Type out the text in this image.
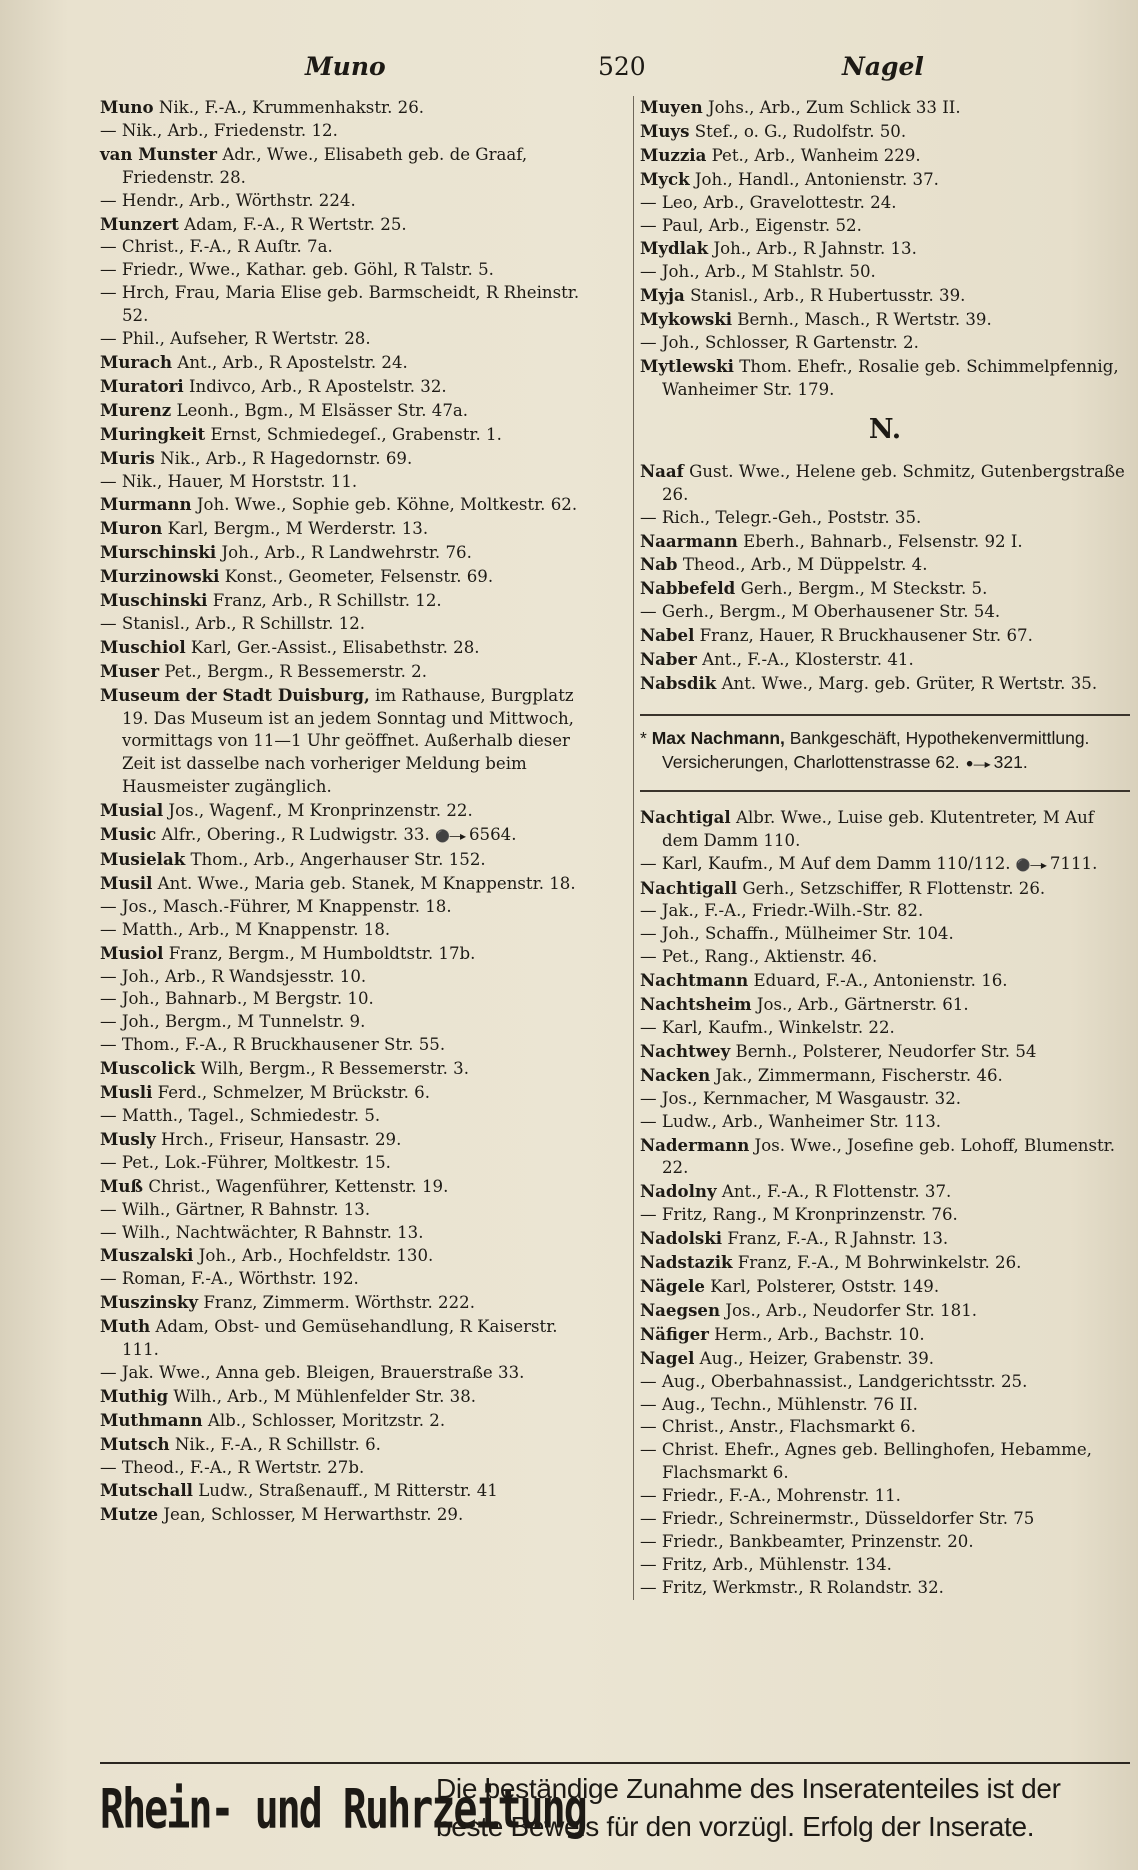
Muno	520	Nagel

Muno Nik., F.-A., Krummenhakstr. 26.

— Nik., Arb., Friedenstr. 12.

van Munster Adr., Wwe., Elisabeth geb. de Graaf, Friedenstr. 28.

— Hendr., Arb., Wörthstr. 224.

Munzert Adam, F.-A., R Wertstr. 25.

— Christ., F.-A., R Auſtr. 7a.

— Friedr., Wwe., Kathar. geb. Göhl, R Talstr. 5.

— Hrch, Frau, Maria Elise geb. Barmscheidt, R Rheinstr. 52.

— Phil., Aufseher, R Wertstr. 28.

Murach Ant., Arb., R Apostelstr. 24.

Muratori Indivco, Arb., R Apostelstr. 32.

Murenz Leonh., Bgm., M Elsässer Str. 47a.

Muringkeit Ernst, Schmiedegeſ., Grabenstr. 1.

Muris Nik., Arb., R Hagedornstr. 69.

— Nik., Hauer, M Horststr. 11.

Murmann Joh. Wwe., Sophie geb. Köhne, Moltkestr. 62.

Muron Karl, Bergm., M Werderstr. 13.

Murschinski Joh., Arb., R Landwehrstr. 76.

Murzinowski Konst., Geometer, Felsenstr. 69.

Muschinski Franz, Arb., R Schillstr. 12.

— Stanisl., Arb., R Schillstr. 12.

Muschiol Karl, Ger.-Assist., Elisabethstr. 28.

Muser Pet., Bergm., R Bessemerstr. 2.

Museum der Stadt Duisburg, im Rathause, Burgplatz 19. Das Museum ist an jedem Sonntag und Mittwoch, vormittags von 11—1 Uhr geöffnet. Außerhalb dieser Zeit ist dasselbe nach vorheriger Meldung beim Hausmeister zugänglich.

Musial Jos., Wagenf., M Kronprinzenstr. 22.

Music Alfr., Obering., R Ludwigstr. 33. ⚫—▸ 6564.

Musielak Thom., Arb., Angerhauser Str. 152.

Musil Ant. Wwe., Maria geb. Stanek, M Knappenstr. 18.

— Jos., Masch.-Führer, M Knappenstr. 18.

— Matth., Arb., M Knappenstr. 18.

Musiol Franz, Bergm., M Humboldtstr. 17b.

— Joh., Arb., R Wandsjesstr. 10.

— Joh., Bahnarb., M Bergstr. 10.

— Joh., Bergm., M Tunnelstr. 9.

— Thom., F.-A., R Bruckhausener Str. 55.

Muscolick Wilh, Bergm., R Bessemerstr. 3.

Musli Ferd., Schmelzer, M Brückstr. 6.

— Matth., Tagel., Schmiedestr. 5.

Musly Hrch., Friseur, Hansastr. 29.

— Pet., Lok.-Führer, Moltkestr. 15.

Muß Christ., Wagenführer, Kettenstr. 19.

— Wilh., Gärtner, R Bahnstr. 13.

— Wilh., Nachtwächter, R Bahnstr. 13.

Muszalski Joh., Arb., Hochfeldstr. 130.

— Roman, F.-A., Wörthstr. 192.

Muszinsky Franz, Zimmerm. Wörthstr. 222.

Muth Adam, Obst- und Gemüsehandlung, R Kaiserstr. 111.

— Jak. Wwe., Anna geb. Bleigen, Brauerstraße 33.

Muthig Wilh., Arb., M Mühlenfelder Str. 38.

Muthmann Alb., Schlosser, Moritzstr. 2.

Mutsch Nik., F.-A., R Schillstr. 6.

— Theod., F.-A., R Wertstr. 27b.

Mutschall Ludw., Straßenauff., M Ritterstr. 41

Mutze Jean, Schlosser, M Herwarthstr. 29.

Muyen Johs., Arb., Zum Schlick 33 II.

Muys Stef., o. G., Rudolfstr. 50.

Muzzia Pet., Arb., Wanheim 229.

Myck Joh., Handl., Antonienstr. 37.

— Leo, Arb., Gravelottestr. 24.

— Paul, Arb., Eigenstr. 52.

Mydlak Joh., Arb., R Jahnstr. 13.

— Joh., Arb., M Stahlstr. 50.

Myja Stanisl., Arb., R Hubertusstr. 39.

Mykowski Bernh., Masch., R Wertstr. 39.

— Joh., Schlosser, R Gartenstr. 2.

Mytlewski Thom. Ehefr., Rosalie geb. Schimmelpfennig, Wanheimer Str. 179.

N.

Naaf Gust. Wwe., Helene geb. Schmitz, Gutenbergstraße 26.

— Rich., Telegr.-Geh., Poststr. 35.

Naarmann Eberh., Bahnarb., Felsenstr. 92 I.

Nab Theod., Arb., M Düppelstr. 4.

Nabbefeld Gerh., Bergm., M Steckstr. 5.

— Gerh., Bergm., M Oberhausener Str. 54.

Nabel Franz, Hauer, R Bruckhausener Str. 67.

Naber Ant., F.-A., Klosterstr. 41.

Nabsdik Ant. Wwe., Marg. geb. Grüter, R Wertstr. 35.

* Max Nachmann, Bankgeschäft, Hypothekenvermittlung. Versicherungen, Charlottenstrasse 62. ⚫—▸ 321.

Nachtigal Albr. Wwe., Luise geb. Klutentreter, M Auf dem Damm 110.

— Karl, Kaufm., M Auf dem Damm 110/112. ⚫—▸ 7111.

Nachtigall Gerh., Setzschiffer, R Flottenstr. 26.

— Jak., F.-A., Friedr.-Wilh.-Str. 82.

— Joh., Schaffn., Mülheimer Str. 104.

— Pet., Rang., Aktienstr. 46.

Nachtmann Eduard, F.-A., Antonienstr. 16.

Nachtsheim Jos., Arb., Gärtnerstr. 61.

— Karl, Kaufm., Winkelstr. 22.

Nachtwey Bernh., Polsterer, Neudorfer Str. 54

Nacken Jak., Zimmermann, Fischerstr. 46.

— Jos., Kernmacher, M Wasgaustr. 32.

— Ludw., Arb., Wanheimer Str. 113.

Nadermann Jos. Wwe., Josefine geb. Lohoff, Blumenstr. 22.

Nadolny Ant., F.-A., R Flottenstr. 37.

— Fritz, Rang., M Kronprinzenstr. 76.

Nadolski Franz, F.-A., R Jahnstr. 13.

Nadstazik Franz, F.-A., M Bohrwinkelstr. 26.

Nägele Karl, Polsterer, Oststr. 149.

Naegsen Jos., Arb., Neudorfer Str. 181.

Näfiger Herm., Arb., Bachstr. 10.

Nagel Aug., Heizer, Grabenstr. 39.

— Aug., Oberbahnassist., Landgerichtsstr. 25.

— Aug., Techn., Mühlenstr. 76 II.

— Christ., Anstr., Flachsmarkt 6.

— Christ. Ehefr., Agnes geb. Bellinghofen, Hebamme, Flachsmarkt 6.

— Friedr., F.-A., Mohrenstr. 11.

— Friedr., Schreinermstr., Düsseldorfer Str. 75

— Friedr., Bankbeamter, Prinzenstr. 20.

— Fritz, Arb., Mühlenstr. 134.

— Fritz, Werkmstr., R Rolandstr. 32.

Rhein- und Ruhrzeitung
Die beständige Zunahme des Inseratenteiles ist der
beste Beweis für den vorzügl. Erfolg der Inserate.
